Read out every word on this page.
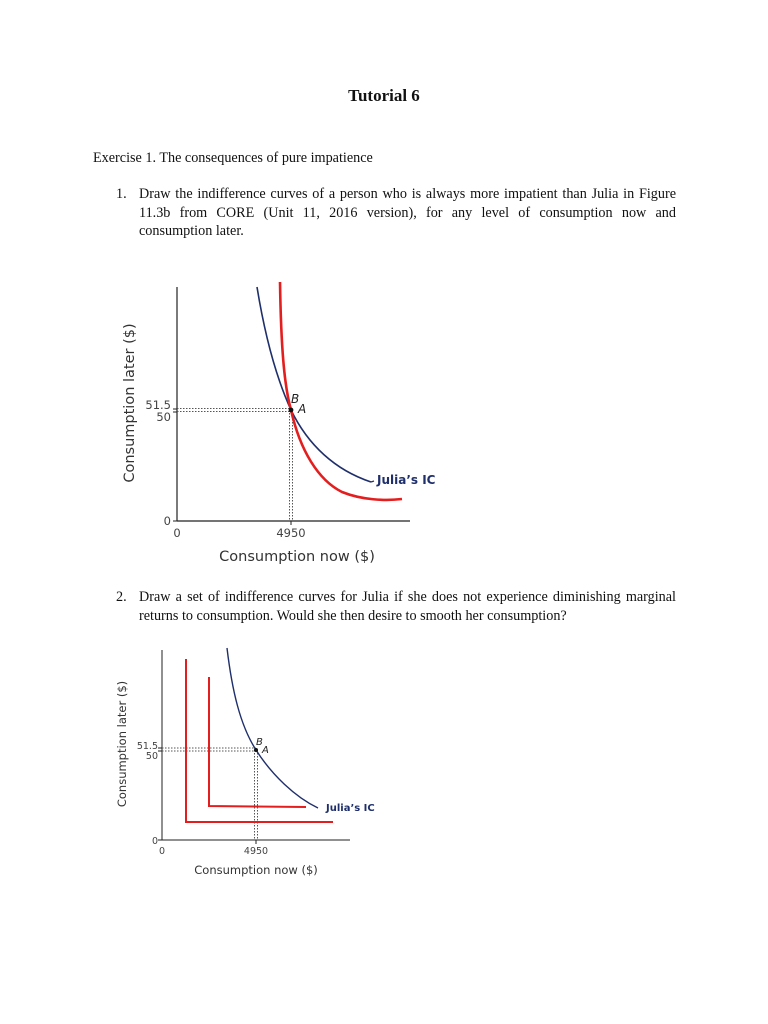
Tutorial 6

Exercise 1. The consequences of pure impatience

1. Draw the indifference curves of a person who is always more impatient than Julia in Figure 11.3b from CORE (Unit 11, 2016 version), for any level of consumption now and consumption later.
2. Draw a set of indifference curves for Julia if she does not experience diminishing marginal returns to consumption. Would she then desire to smooth her consumption?
B
A
51.5
50
0
0	4950
Consumption now ($)
Consumption later ($)	Julia’s IC
B
A
51.5
50
0
0	4950
Consumption now ($)
Consumption later ($)
Julia’s IC
